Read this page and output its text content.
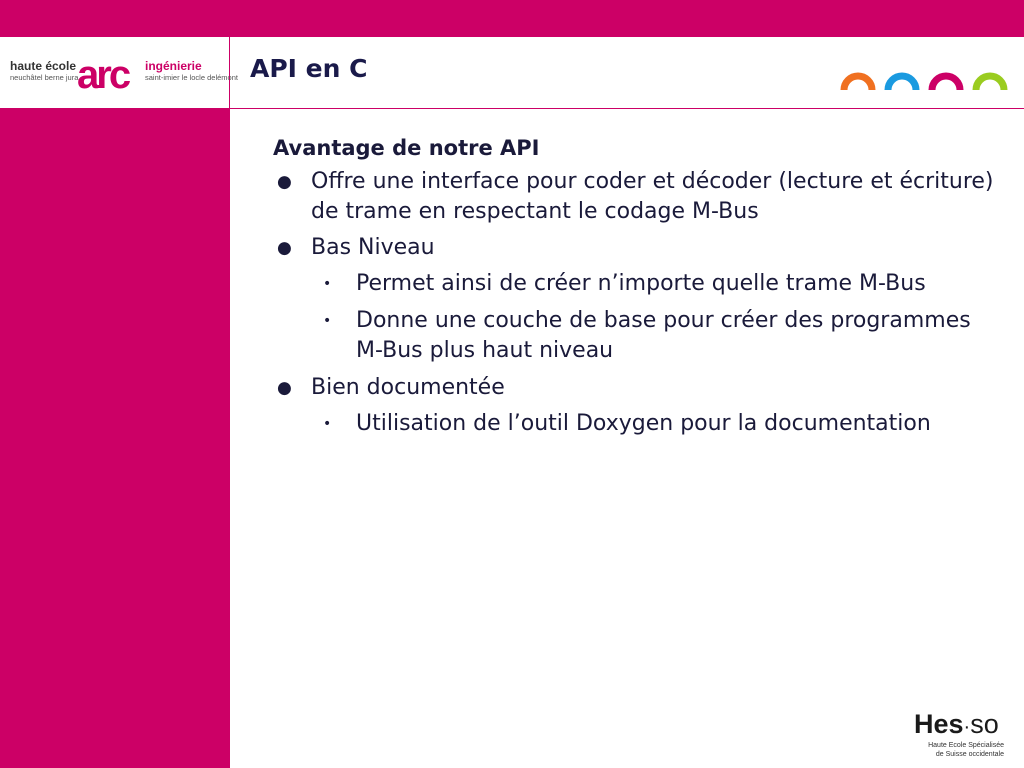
haute école
neuchâtel berne jura
arc ingénierie
saint-imier le locle delémont API en C
Avantage de notre API
● Offre une interface pour coder et décoder (lecture et écriture) de trame en respectant le codage M-Bus
● Bas Niveau
• Permet ainsi de créer n’importe quelle trame M-Bus
• Donne une couche de base pour créer des programmes M-Bus plus haut niveau
● Bien documentée
• Utilisation de l’outil Doxygen pour la documentation
Hes·so
Haute Ecole Spécialisée
de Suisse occidentale
